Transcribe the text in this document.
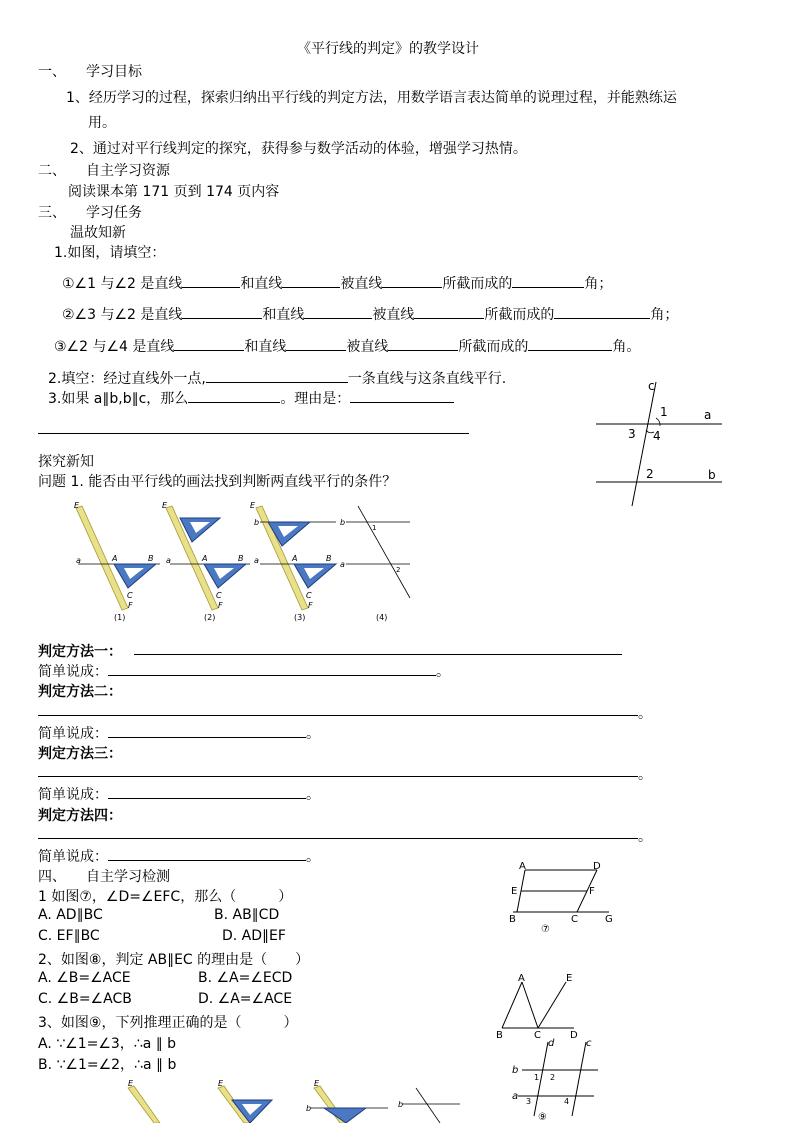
《平行线的判定》的教学设计
一、 学习目标
1、经历学习的过程，探索归纳出平行线的判定方法，用数学语言表达简单的说理过程，并能熟练运
用。
2、通过对平行线判定的探究，获得参与数学活动的体验，增强学习热情。
二、 自主学习资源
阅读课本第 171 页到 174 页内容
三、 学习任务
温故知新
1.如图，请填空：
①∠1 与∠2 是直线	和直线	被直线	所截而成的	角；
②∠3 与∠2 是直线	和直线	被直线	所截而成的	角；
③∠2 与∠4 是直线	和直线	被直线	所截而成的	角。
2.填空：经过直线外一点,	一条直线与这条直线平行.
3.如果 a∥b,b∥c，那么	。理由是：
c
a
b
1
3 4
2
探究新知
问题 1. 能否由平行线的画法找到判断两直线平行的条件？
E
A	B
a
C
F
(1)
E
A	B
a
C
F
(2)
E
b
a	A	B
C
F
(3)
b
a
1
2
(4)
判定方法一：
简单说成：	。
判定方法二：
。
简单说成：	。
判定方法三：
。
简单说成：	。
判定方法四：
。
简单说成：	。
四、 自主学习检测
1 如图⑦，∠D=∠EFC，那么（　　　）
A. AD∥BC	B. AB∥CD
C. EF∥BC	D. AD∥EF
2、如图⑧，判定 AB∥EC 的理由是（　　）
A. ∠B=∠ACE	B. ∠A=∠ECD
C. ∠B=∠ACB	D. ∠A=∠ACE
3、如图⑨，下列推理正确的是（　　　）
A. ∵∠1=∠3，∴a ∥ b
B. ∵∠1=∠2，∴a ∥ b
A	D
E	F
B	C	G
⑦
A	E
B	C	D
d	c
b
a
1 2
3	4
⑨
E	E	E
b	b
